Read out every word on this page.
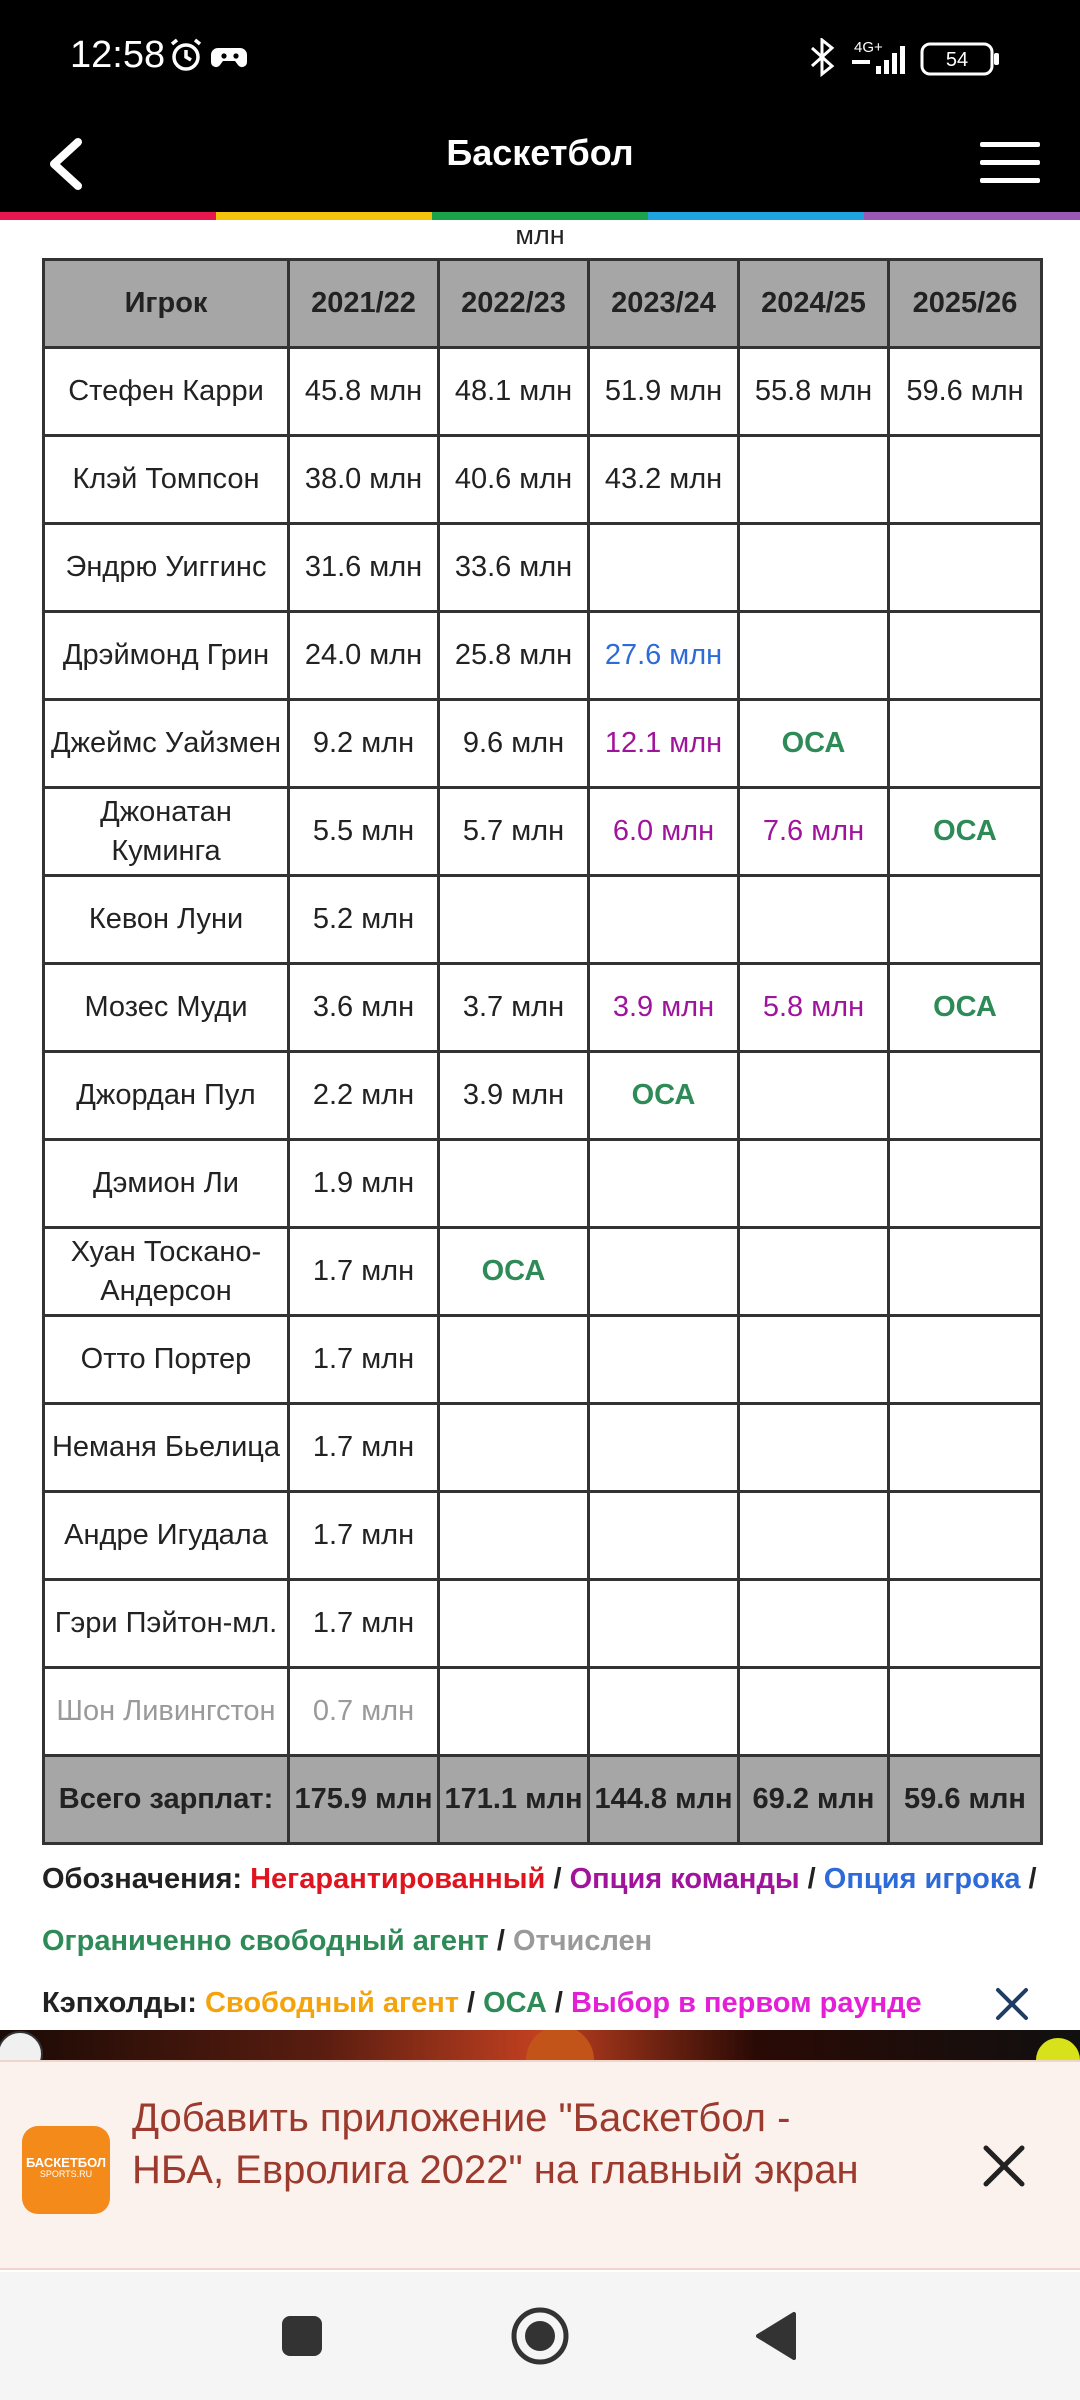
12:58	4G+
54
Баскетбол
млн
Игрок	2021/22	2022/23	2023/24	2024/25	2025/26
Стефен Карри	45.8 млн	48.1 млн	51.9 млн	55.8 млн	59.6 млн
Клэй Томпсон	38.0 млн	40.6 млн	43.2 млн		
Эндрю Уиггинс	31.6 млн	33.6 млн			
Дрэймонд Грин	24.0 млн	25.8 млн	27.6 млн		
Джеймс Уайзмен	9.2 млн	9.6 млн	12.1 млн	ОСА	
Джонатан Куминга	5.5 млн	5.7 млн	6.0 млн	7.6 млн	ОСА
Кевон Луни	5.2 млн				
Мозес Муди	3.6 млн	3.7 млн	3.9 млн	5.8 млн	ОСА
Джордан Пул	2.2 млн	3.9 млн	ОСА		
Дэмион Ли	1.9 млн				
Хуан Тоскано-Андерсон	1.7 млн	ОСА			
Отто Портер	1.7 млн				
Неманя Бьелица	1.7 млн				
Андре Игудала	1.7 млн				
Гэри Пэйтон-мл.	1.7 млн				
Шон Ливингстон	0.7 млн				
Всего зарплат:	175.9 млн	171.1 млн	144.8 млн	69.2 млн	59.6 млн
Обозначения: Негарантированный / Опция команды / Опция игрока / Ограниченно свободный агент / Отчислен
Кэпхолды: Свободный агент / ОСА / Выбор в первом раунде
БАСКЕТБОЛ
SPORTS.RU
Добавить приложение "Баскетбол - НБА, Евролига 2022" на главный экран
